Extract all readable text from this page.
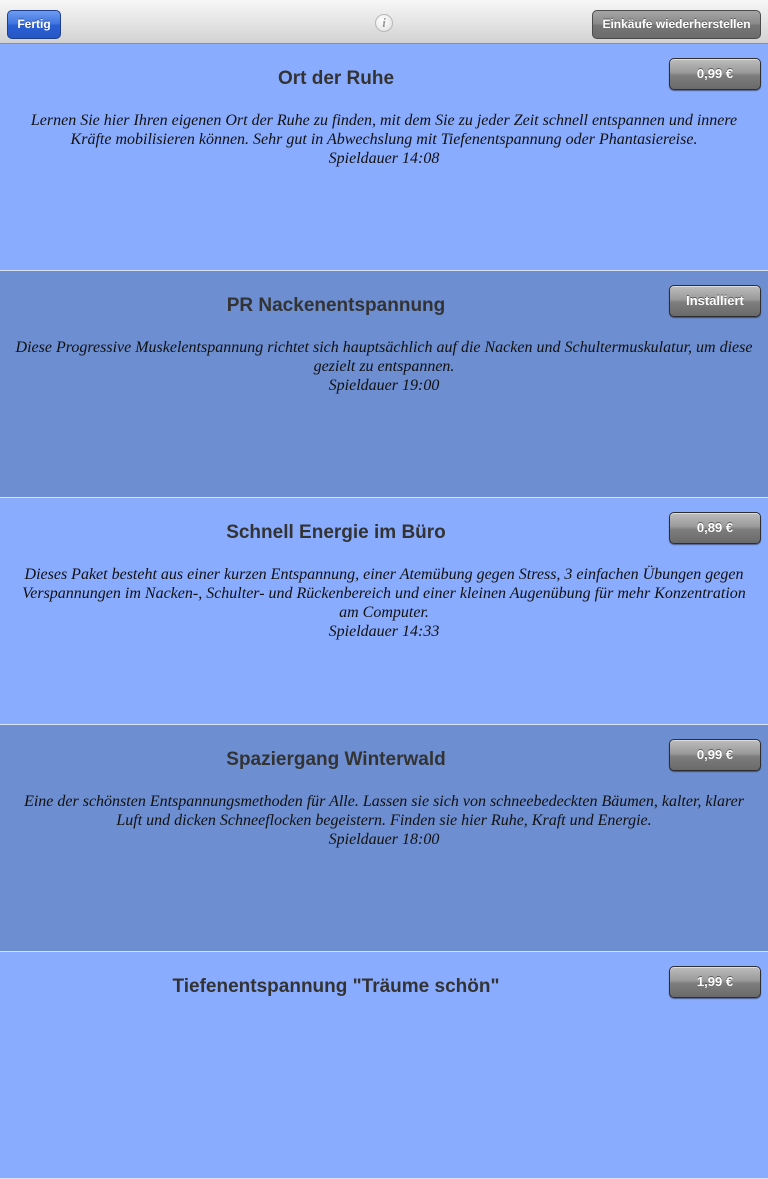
Fertig	i	Einkäufe wiederherstellen
Ort der Ruhe	0,99 €

Lernen Sie hier Ihren eigenen Ort der Ruhe zu finden, mit dem Sie zu jeder Zeit schnell entspannen und innere Kräfte mobilisieren können. Sehr gut in Abwechslung mit Tiefenentspannung oder Phantasiereise.

Spieldauer 14:08

PR Nackenentspannung	Installiert

Diese Progressive Muskelentspannung richtet sich hauptsächlich auf die Nacken und Schultermuskulatur, um diese gezielt zu entspannen.

Spieldauer 19:00

Schnell Energie im Büro	0,89 €

Dieses Paket besteht aus einer kurzen Entspannung, einer Atemübung gegen Stress, 3 einfachen Übungen gegen Verspannungen im Nacken-, Schulter- und Rückenbereich und einer kleinen Augenübung für mehr Konzentration am Computer.

Spieldauer 14:33

Spaziergang Winterwald	0,99 €

Eine der schönsten Entspannungsmethoden für Alle. Lassen sie sich von schneebedeckten Bäumen, kalter, klarer Luft und dicken Schneeflocken begeistern. Finden sie hier Ruhe, Kraft und Energie.

Spieldauer 18:00

Tiefenentspannung "Träume schön"	1,99 €
